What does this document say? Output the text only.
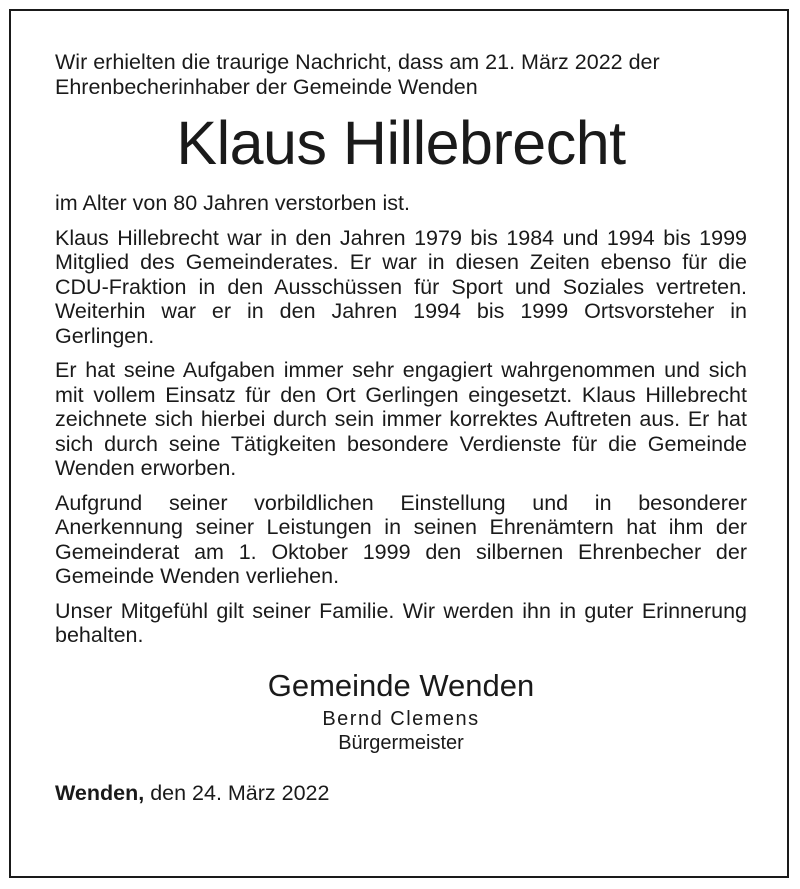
Wir erhielten die traurige Nachricht, dass am 21. März 2022 der Ehrenbecherinhaber der Gemeinde Wenden

Klaus Hillebrecht

im Alter von 80 Jahren verstorben ist.

Klaus Hillebrecht war in den Jahren 1979 bis 1984 und 1994 bis 1999 Mitglied des Gemeinderates. Er war in diesen Zeiten ebenso für die CDU-Fraktion in den Ausschüssen für Sport und Soziales vertreten. Weiterhin war er in den Jahren 1994 bis 1999 Ortsvorsteher in Gerlingen.

Er hat seine Aufgaben immer sehr engagiert wahrgenommen und sich mit vollem Einsatz für den Ort Gerlingen eingesetzt. Klaus Hillebrecht zeichnete sich hierbei durch sein immer korrektes Auftreten aus. Er hat sich durch seine Tätigkeiten besondere Verdienste für die Gemeinde Wenden erworben.

Aufgrund seiner vorbildlichen Einstellung und in besonderer Anerkennung seiner Leistungen in seinen Ehrenämtern hat ihm der Gemeinderat am 1. Oktober 1999 den silbernen Ehrenbecher der Gemeinde Wenden verliehen.

Unser Mitgefühl gilt seiner Familie. Wir werden ihn in guter Erinnerung behalten.

Gemeinde Wenden
Bernd Clemens
Bürgermeister
Wenden, den 24. März 2022
